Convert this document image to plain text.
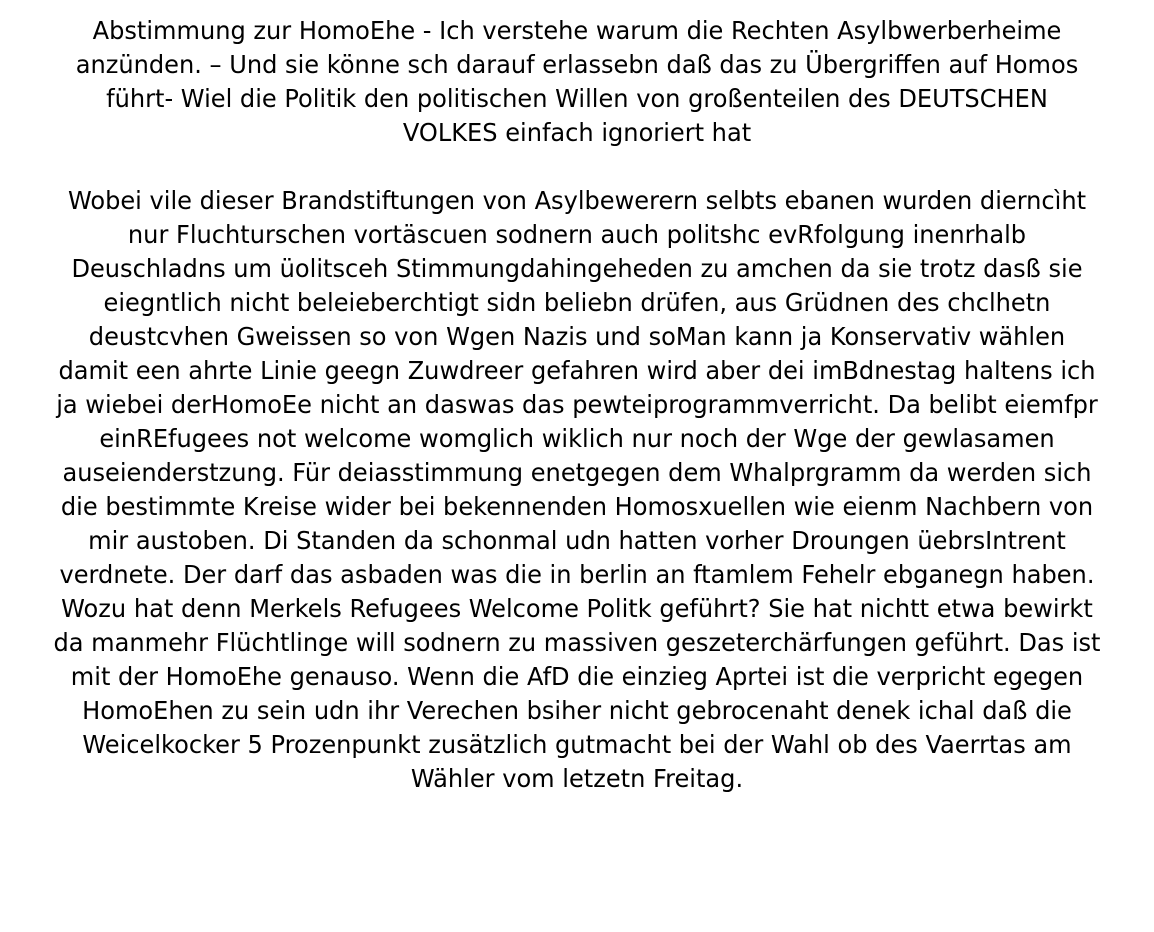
Abstimmung zur HomoEhe - Ich verstehe warum die Rechten Asylbwerberheime
anzünden. – Und sie könne sch darauf erlassebn daß das zu Übergriffen auf Homos
führt- Wiel die Politik den politischen Willen von großenteilen des DEUTSCHEN
VOLKES einfach ignoriert hat
Wobei vile dieser Brandstiftungen von Asylbewerern selbts ebanen wurden dierncìht
nur Fluchturschen vortäscuen sodnern auch politshc evRfolgung inenrhalb
Deuschladns um üolitsceh Stimmungdahingeheden zu amchen da sie trotz dasß sie
eiegntlich nicht beleieberchtigt sidn beliebn drüfen, aus Grüdnen des chclhetn
deustcvhen Gweissen so von Wgen Nazis und soMan kann ja Konservativ wählen
damit een ahrte Linie geegn Zuwdreer gefahren wird aber dei imBdnestag haltens ich
ja wiebei derHomoEe nicht an daswas das pewteiprogrammverricht. Da belibt eiemfpr
einREfugees not welcome womglich wiklich nur noch der Wge der gewlasamen
auseienderstzung. Für deiasstimmung enetgegen dem Whalprgramm da werden sich
die bestimmte Kreise wider bei bekennenden Homosxuellen wie eienm Nachbern von
mir austoben. Di Standen da schonmal udn hatten vorher Droungen üebrsIntrent
verdnete. Der darf das asbaden was die in berlin an ftamlem Fehelr ebganegn haben.
Wozu hat denn Merkels Refugees Welcome Politk geführt? Sie hat nichtt etwa bewirkt
da manmehr Flüchtlinge will sodnern zu massiven geszeterchärfungen geführt. Das ist
mit der HomoEhe genauso. Wenn die AfD die einzieg Aprtei ist die verpricht egegen
HomoEhen zu sein udn ihr Verechen bsiher nicht gebrocenaht denek ichal daß die
Weicelkocker 5 Prozenpunkt zusätzlich gutmacht bei der Wahl ob des Vaerrtas am
Wähler vom letzetn Freitag.
